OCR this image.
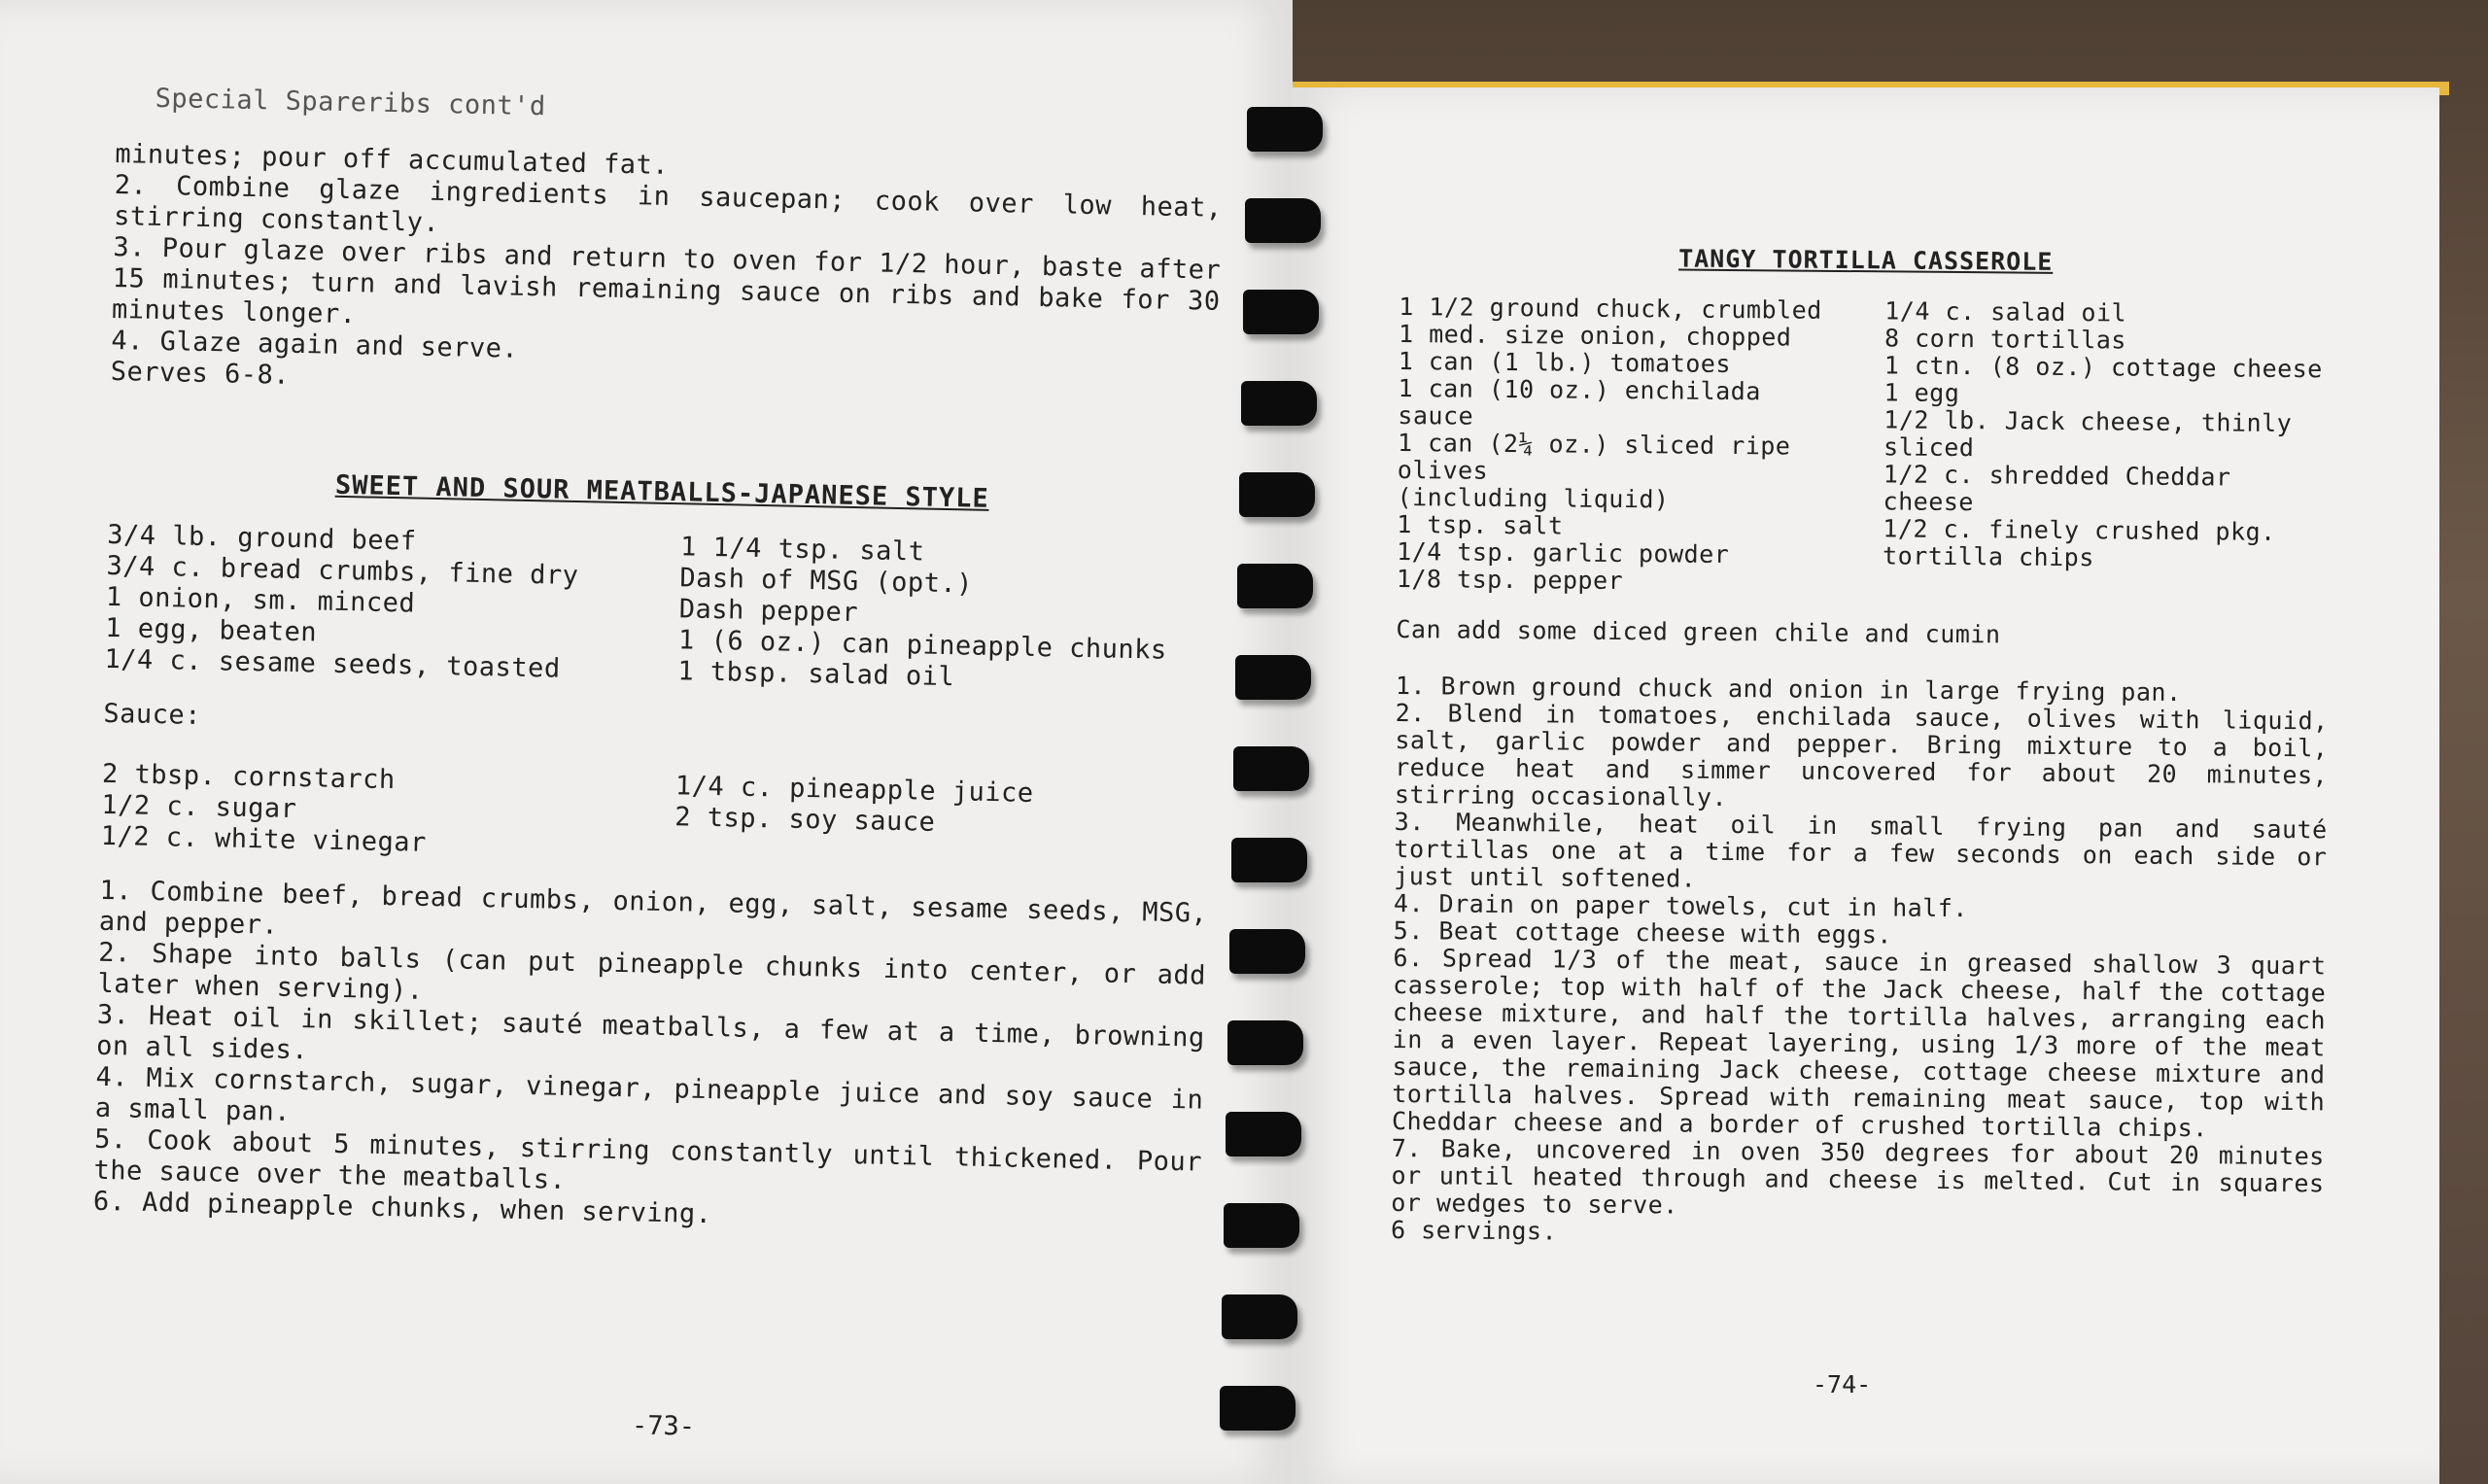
Special Spareribs cont'd

minutes; pour off accumulated fat.

2. Combine glaze ingredients in saucepan; cook over low heat, stirring constantly.

3. Pour glaze over ribs and return to oven for 1/2 hour, baste after 15 minutes; turn and lavish remaining sauce on ribs and bake for 30 minutes longer.

4. Glaze again and serve.

Serves 6-8.

SWEET AND SOUR MEATBALLS-JAPANESE STYLE
3/4 lb. ground beef
3/4 c. bread crumbs, fine dry
1 onion, sm. minced
1 egg, beaten
1/4 c. sesame seeds, toasted
1 1/4 tsp. salt
Dash of MSG (opt.)
Dash pepper
1 (6 oz.) can pineapple chunks
1 tbsp. salad oil
Sauce:
2 tbsp. cornstarch
1/2 c. sugar
1/2 c. white vinegar
1/4 c. pineapple juice
2 tsp. soy sauce
1. Combine beef, bread crumbs, onion, egg, salt, sesame seeds, MSG, and pepper.
2. Shape into balls (can put pineapple chunks into center, or add later when serving).
3. Heat oil in skillet; sauté meatballs, a few at a time, browning on all sides.
4. Mix cornstarch, sugar, vinegar, pineapple juice and soy sauce in a small pan.
5. Cook about 5 minutes, stirring constantly until thickened. Pour the sauce over the meatballs.
6. Add pineapple chunks, when serving.
-73-
TANGY TORTILLA CASSEROLE
1 1/2 ground chuck, crumbled
1 med. size onion, chopped
1 can (1 lb.) tomatoes
1 can (10 oz.) enchilada sauce
1 can (2¼ oz.) sliced ripe olives
(including liquid)
1 tsp. salt
1/4 tsp. garlic powder
1/8 tsp. pepper
1/4 c. salad oil
8 corn tortillas
1 ctn. (8 oz.) cottage cheese
1 egg
1/2 lb. Jack cheese, thinly
sliced
1/2 c. shredded Cheddar cheese
1/2 c. finely crushed pkg.
tortilla chips
Can add some diced green chile and cumin
1. Brown ground chuck and onion in large frying pan.
2. Blend in tomatoes, enchilada sauce, olives with liquid, salt, garlic powder and pepper. Bring mixture to a boil, reduce heat and simmer uncovered for about 20 minutes, stirring occasionally.
3. Meanwhile, heat oil in small frying pan and sauté tortillas one at a time for a few seconds on each side or just until softened.
4. Drain on paper towels, cut in half.
5. Beat cottage cheese with eggs.
6. Spread 1/3 of the meat, sauce in greased shallow 3 quart casserole; top with half of the Jack cheese, half the cottage cheese mixture, and half the tortilla halves, arranging each in a even layer. Repeat layering, using 1/3 more of the meat sauce, the remaining Jack cheese, cottage cheese mixture and tortilla halves. Spread with remaining meat sauce, top with Cheddar cheese and a border of crushed tortilla chips.
7. Bake, uncovered in oven 350 degrees for about 20 minutes or until heated through and cheese is melted. Cut in squares or wedges to serve.
6 servings.
-74-
